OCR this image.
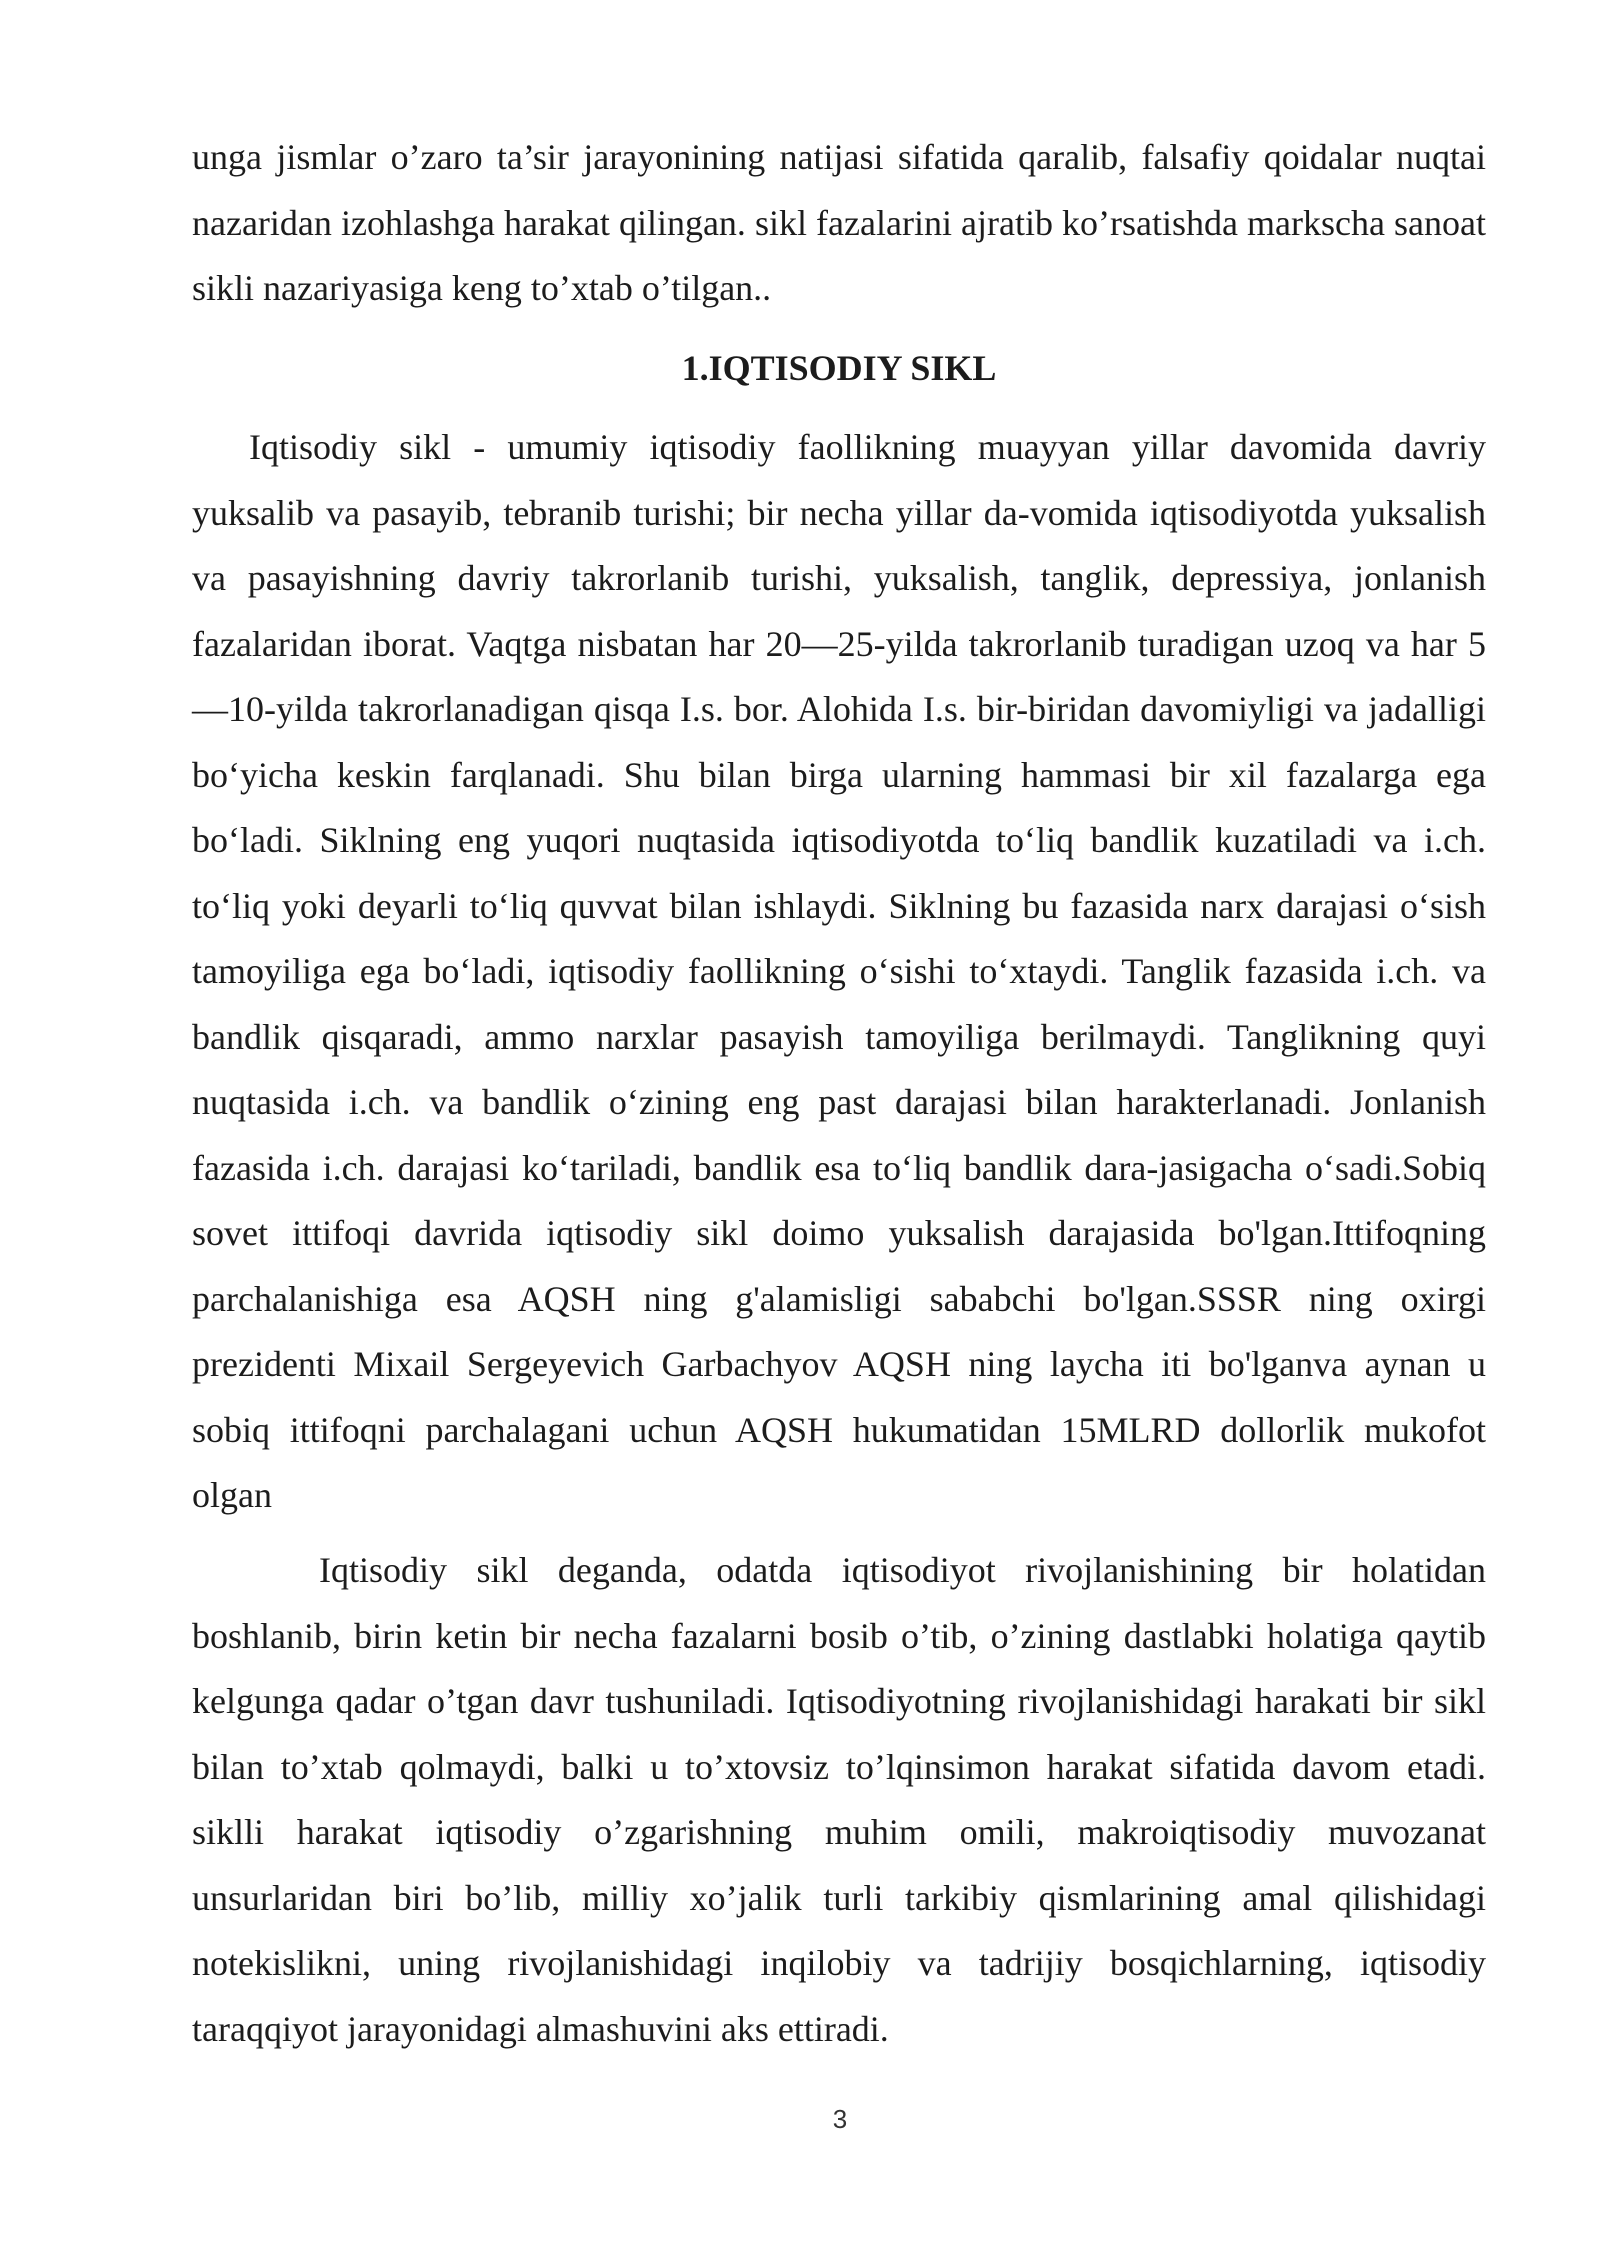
unga jismlar o’zaro ta’sir jarayonining natijasi sifatida qaralib, falsafiy qoidalar nuqtai nazaridan izohlashga harakat qilingan. sikl fazalarini ajratib ko’rsatishda markscha sanoat sikli nazariyasiga keng to’xtab o’tilgan..

1.IQTISODIY SIKL

Iqtisodiy sikl - umumiy iqtisodiy faollikning muayyan yillar davomida davriy yuksalib va pasayib, tebranib turishi; bir necha yillar da-vomida iqtisodiyotda yuksalish va pasayishning davriy takrorlanib turishi, yuksalish, tanglik, depressiya, jonlanish fazalaridan iborat. Vaqtga nisbatan har 20—25-yilda takrorlanib turadigan uzoq va har 5—10-yilda takrorlanadigan qisqa I.s. bor. Alohida I.s. bir-biridan davomiyligi va jadalligi boʻyicha keskin farqlanadi. Shu bilan birga ularning hammasi bir xil fazalarga ega boʻladi. Siklning eng yuqori nuqtasida iqtisodiyotda toʻliq bandlik kuzatiladi va i.ch. toʻliq yoki deyarli toʻliq quvvat bilan ishlaydi. Siklning bu fazasida narx darajasi oʻsish tamoyiliga ega boʻladi, iqtisodiy faollikning oʻsishi toʻxtaydi. Tanglik fazasida i.ch. va bandlik qisqaradi, ammo narxlar pasayish tamoyiliga berilmaydi. Tanglikning quyi nuqtasida i.ch. va bandlik oʻzining eng past darajasi bilan harakterlanadi. Jonlanish fazasida i.ch. darajasi koʻtariladi, bandlik esa toʻliq bandlik dara-jasigacha oʻsadi.Sobiq sovet ittifoqi davrida iqtisodiy sikl doimo yuksalish darajasida bo'lgan.Ittifoqning parchalanishiga esa AQSH ning g'alamisligi sababchi bo'lgan.SSSR ning oxirgi prezidenti Mixail Sergeyevich Garbachyov AQSH ning laycha iti bo'lganva aynan u sobiq ittifoqni parchalagani uchun AQSH hukumatidan 15MLRD dollorlik mukofot olgan

Iqtisodiy sikl deganda, odatda iqtisodiyot rivojlanishining bir holatidan boshlanib, birin ketin bir necha fazalarni bosib o’tib, o’zining dastlabki holatiga qaytib kelgunga qadar o’tgan davr tushuniladi. Iqtisodiyotning rivojlanishidagi harakati bir sikl bilan to’xtab qolmaydi, balki u to’xtovsiz to’lqinsimon harakat sifatida davom etadi. siklli harakat iqtisodiy o’zgarishning muhim omili, makroiqtisodiy muvozanat unsurlaridan biri bo’lib, milliy xo’jalik turli tarkibiy qismlarining amal qilishidagi notekislikni, uning rivojlanishidagi inqilobiy va tadrijiy bosqichlarning, iqtisodiy taraqqiyot jarayonidagi almashuvini aks ettiradi.

3
